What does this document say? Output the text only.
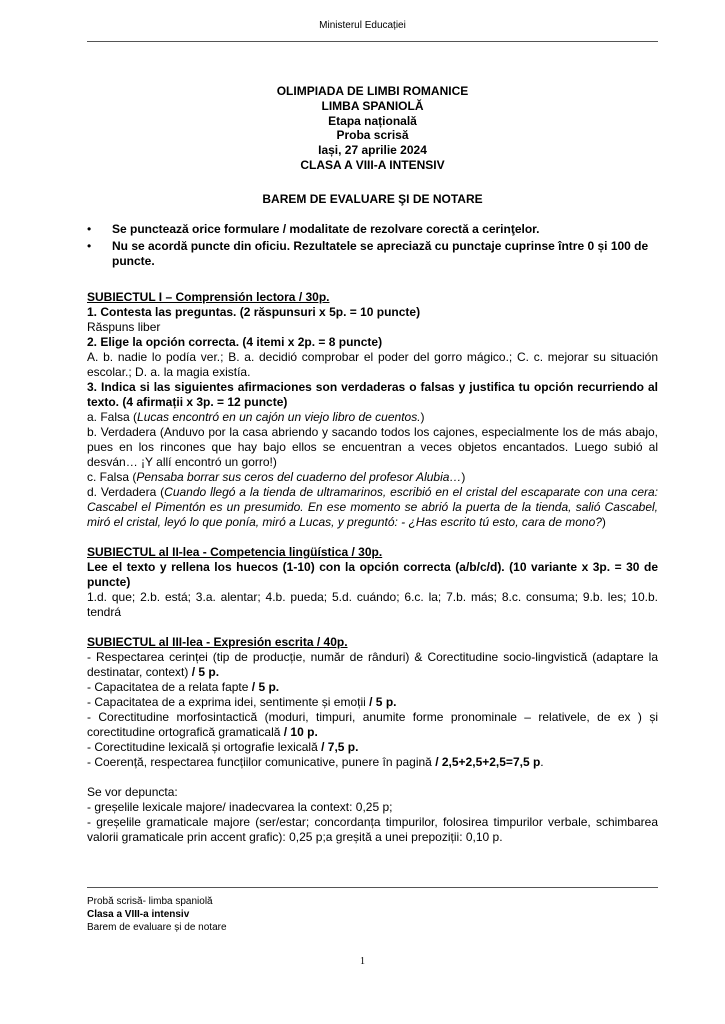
Ministerul Educației
OLIMPIADA DE LIMBI ROMANICE
LIMBA SPANIOLĂ
Etapa națională
Proba scrisă
Iași, 27 aprilie 2024
CLASA A VIII-A INTENSIV
BAREM DE EVALUARE ŞI DE NOTARE
• Se punctează orice formulare / modalitate de rezolvare corectă a cerinţelor.
• Nu se acordă puncte din oficiu. Rezultatele se apreciază cu punctaje cuprinse între 0 și 100 de puncte.

SUBIECTUL I – Comprensión lectora / 30p.

1. Contesta las preguntas. (2 răspunsuri x 5p. = 10 puncte)

Răspuns liber

2. Elige la opción correcta. (4 itemi x 2p. = 8 puncte)

A. b. nadie lo podía ver.; B. a. decidió comprobar el poder del gorro mágico.; C. c. mejorar su situación escolar.; D. a. la magia existía.

3. Indica si las siguientes afirmaciones son verdaderas o falsas y justifica tu opción recurriendo al texto. (4 afirmații x 3p. = 12 puncte)

a. Falsa (Lucas encontró en un cajón un viejo libro de cuentos.)

b. Verdadera (Anduvo por la casa abriendo y sacando todos los cajones, especialmente los de más abajo, pues en los rincones que hay bajo ellos se encuentran a veces objetos encantados. Luego subió al desván… ¡Y allí encontró un gorro!)

c. Falsa (Pensaba borrar sus ceros del cuaderno del profesor Alubia…)

d. Verdadera (Cuando llegó a la tienda de ultramarinos, escribió en el cristal del escaparate con una cera: Cascabel el Pimentón es un presumido. En ese momento se abrió la puerta de la tienda, salió Cascabel, miró el cristal, leyó lo que ponía, miró a Lucas, y preguntó: - ¿Has escrito tú esto, cara de mono?)

SUBIECTUL al II-lea - Competencia lingüística / 30p.

Lee el texto y rellena los huecos (1-10) con la opción correcta (a/b/c/d). (10 variante x 3p. = 30 de puncte)

1.d. que; 2.b. está; 3.a. alentar; 4.b. pueda; 5.d. cuándo; 6.c. la; 7.b. más; 8.c. consuma; 9.b. les; 10.b. tendrá

SUBIECTUL al III-lea - Expresión escrita / 40p.

- Respectarea cerinței (tip de producție, număr de rânduri) & Corectitudine socio-lingvistică (adaptare la destinatar, context) / 5 p.

- Capacitatea de a relata fapte / 5 p.

- Capacitatea de a exprima idei, sentimente și emoții / 5 p.

- Corectitudine morfosintactică (moduri, timpuri, anumite forme pronominale – relativele, de ex ) și corectitudine ortografică gramaticală / 10 p.

- Corectitudine lexicală și ortografie lexicală / 7,5 p.

- Coerență, respectarea funcțiilor comunicative, punere în pagină / 2,5+2,5+2,5=7,5 p.

Se vor depuncta:

- greșelile lexicale majore/ inadecvarea la context: 0,25 p;

- greșelile gramaticale majore (ser/estar; concordanța timpurilor, folosirea timpurilor verbale, schimbarea valorii gramaticale prin accent grafic): 0,25 p;a greșită a unei prepoziții: 0,10 p.

Probă scrisă- limba spaniolă
Clasa a VIII-a intensiv
Barem de evaluare și de notare
1
